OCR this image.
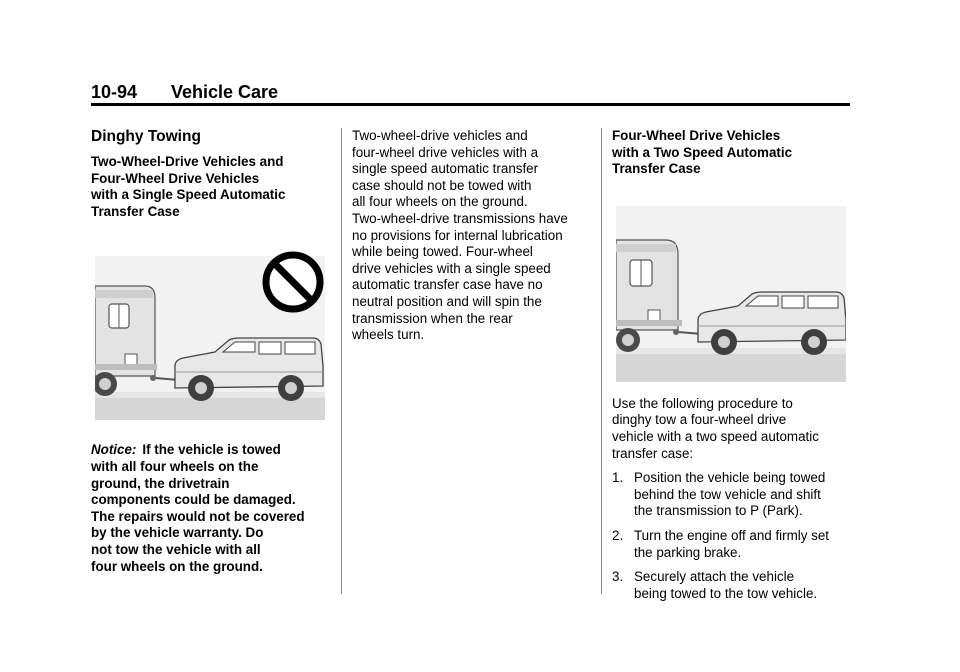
10-94 Vehicle Care
Dinghy Towing
Two-Wheel-Drive Vehicles and
Four-Wheel Drive Vehicles
with a Single Speed Automatic
Transfer Case
Notice: If the vehicle is towed
with all four wheels on the
ground, the drivetrain
components could be damaged.
The repairs would not be covered
by the vehicle warranty. Do
not tow the vehicle with all
four wheels on the ground.
Two-wheel-drive vehicles and
four-wheel drive vehicles with a
single speed automatic transfer
case should not be towed with
all four wheels on the ground.
Two-wheel-drive transmissions have
no provisions for internal lubrication
while being towed. Four-wheel
drive vehicles with a single speed
automatic transfer case have no
neutral position and will spin the
transmission when the rear
wheels turn.
Four-Wheel Drive Vehicles
with a Two Speed Automatic
Transfer Case
Use the following procedure to
dinghy tow a four-wheel drive
vehicle with a two speed automatic
transfer case:
1. Position the vehicle being towed
behind the tow vehicle and shift
the transmission to P (Park).
2. Turn the engine off and firmly set
the parking brake.
3. Securely attach the vehicle
being towed to the tow vehicle.
